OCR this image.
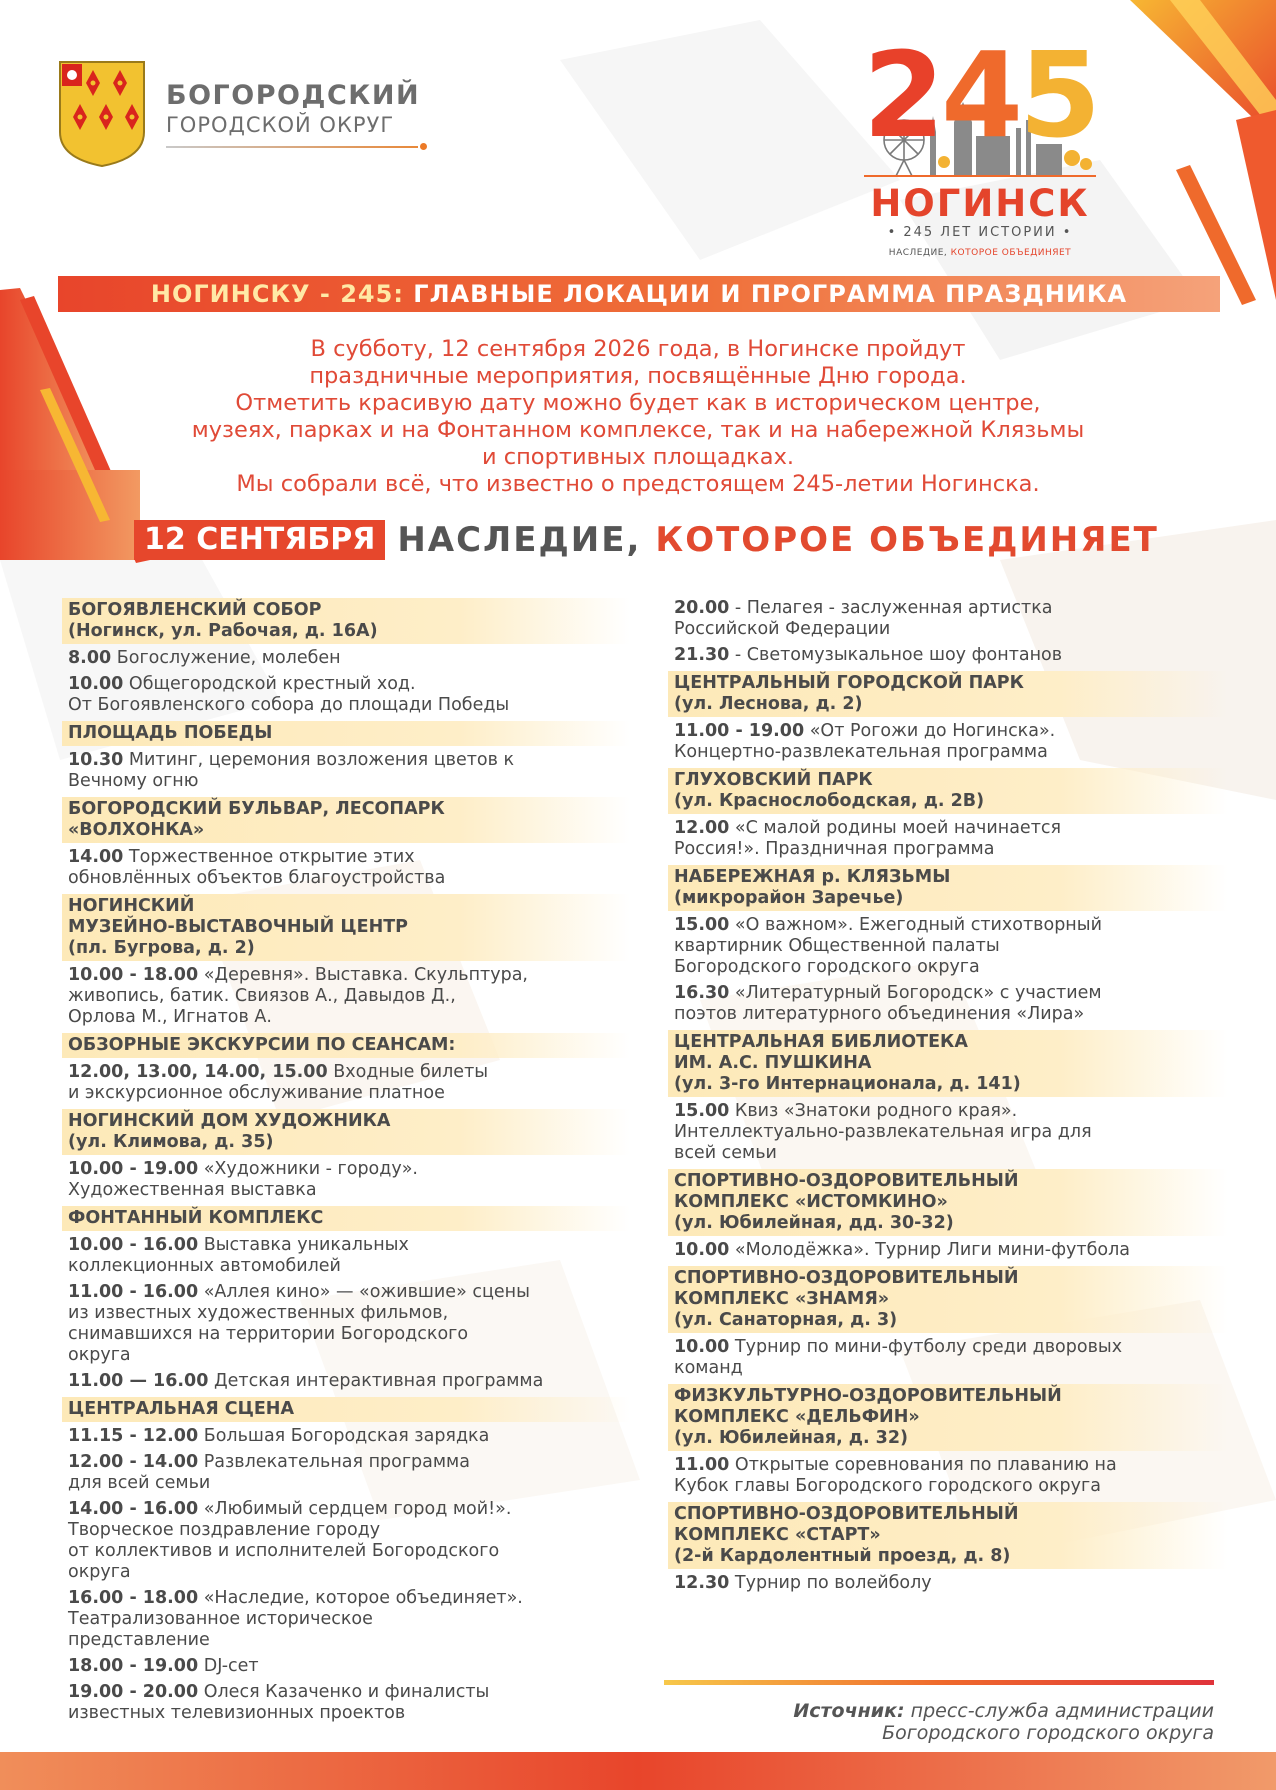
БОГОРОДСКИЙ
ГОРОДСКОЙ ОКРУГ	245
НОГИНСК
• 245 ЛЕТ ИСТОРИИ •
НАСЛЕДИЕ, КОТОРОЕ ОБЪЕДИНЯЕТ
НОГИНСКУ - 245: ГЛАВНЫЕ ЛОКАЦИИ И ПРОГРАММА ПРАЗДНИКА
В субботу, 12 сентября 2026 года, в Ногинске пройдут
праздничные мероприятия, посвящённые Дню города.
Отметить красивую дату можно будет как в историческом центре,
музеях, парках и на Фонтанном комплексе, так и на набережной Клязьмы
и спортивных площадках.
Мы собрали всё, что известно о предстоящем 245-летии Ногинска.
12 СЕНТЯБРЯ НАСЛЕДИЕ, КОТОРОЕ ОБЪЕДИНЯЕТ
БОГОЯВЛЕНСКИЙ СОБОР
(Ногинск, ул. Рабочая, д. 16А)
8.00 Богослужение, молебен
10.00 Общегородской крестный ход.
От Богоявленского собора до площади Победы
ПЛОЩАДЬ ПОБЕДЫ
10.30 Митинг, церемония возложения цветов к
Вечному огню
БОГОРОДСКИЙ БУЛЬВАР, ЛЕСОПАРК
«ВОЛХОНКА»
14.00 Торжественное открытие этих
обновлённых объектов благоустройства
НОГИНСКИЙ
МУЗЕЙНО-ВЫСТАВОЧНЫЙ ЦЕНТР
(пл. Бугрова, д. 2)
10.00 - 18.00 «Деревня». Выставка. Скульптура,
живопись, батик. Свиязов А., Давыдов Д.,
Орлова М., Игнатов А.
ОБЗОРНЫЕ ЭКСКУРСИИ ПО СЕАНСАМ:
12.00, 13.00, 14.00, 15.00 Входные билеты
и экскурсионное обслуживание платное
НОГИНСКИЙ ДОМ ХУДОЖНИКА
(ул. Климова, д. 35)
10.00 - 19.00 «Художники - городу».
Художественная выставка
ФОНТАННЫЙ КОМПЛЕКС
10.00 - 16.00 Выставка уникальных
коллекционных автомобилей
11.00 - 16.00 «Аллея кино» — «ожившие» сцены
из известных художественных фильмов,
снимавшихся на территории Богородского
округа
11.00 — 16.00 Детская интерактивная программа
ЦЕНТРАЛЬНАЯ СЦЕНА
11.15 - 12.00 Большая Богородская зарядка
12.00 - 14.00 Развлекательная программа
для всей семьи
14.00 - 16.00 «Любимый сердцем город мой!».
Творческое поздравление городу
от коллективов и исполнителей Богородского
округа
16.00 - 18.00 «Наследие, которое объединяет».
Театрализованное историческое
представление
18.00 - 19.00 DJ-сет
19.00 - 20.00 Олеся Казаченко и финалисты
известных телевизионных проектов
20.00 - Пелагея - заслуженная артистка
Российской Федерации
21.30 - Светомузыкальное шоу фонтанов
ЦЕНТРАЛЬНЫЙ ГОРОДСКОЙ ПАРК
(ул. Леснова, д. 2)
11.00 - 19.00 «От Рогожи до Ногинска».
Концертно-развлекательная программа
ГЛУХОВСКИЙ ПАРК
(ул. Краснослободская, д. 2В)
12.00 «С малой родины моей начинается
Россия!». Праздничная программа
НАБЕРЕЖНАЯ р. КЛЯЗЬМЫ
(микрорайон Заречье)
15.00 «О важном». Ежегодный стихотворный
квартирник Общественной палаты
Богородского городского округа
16.30 «Литературный Богородск» с участием
поэтов литературного объединения «Лира»
ЦЕНТРАЛЬНАЯ БИБЛИОТЕКА
ИМ. А.С. ПУШКИНА
(ул. 3-го Интернационала, д. 141)
15.00 Квиз «Знатоки родного края».
Интеллектуально-развлекательная игра для
всей семьи
СПОРТИВНО-ОЗДОРОВИТЕЛЬНЫЙ
КОМПЛЕКС «ИСТОМКИНО»
(ул. Юбилейная, дд. 30-32)
10.00 «Молодёжка». Турнир Лиги мини-футбола
СПОРТИВНО-ОЗДОРОВИТЕЛЬНЫЙ
КОМПЛЕКС «ЗНАМЯ»
(ул. Санаторная, д. 3)
10.00 Турнир по мини-футболу среди дворовых
команд
ФИЗКУЛЬТУРНО-ОЗДОРОВИТЕЛЬНЫЙ
КОМПЛЕКС «ДЕЛЬФИН»
(ул. Юбилейная, д. 32)
11.00 Открытые соревнования по плаванию на
Кубок главы Богородского городского округа
СПОРТИВНО-ОЗДОРОВИТЕЛЬНЫЙ
КОМПЛЕКС «СТАРТ»
(2-й Кардолентный проезд, д. 8)
12.30 Турнир по волейболу
Источник: пресс-служба администрации
Богородского городского округа
